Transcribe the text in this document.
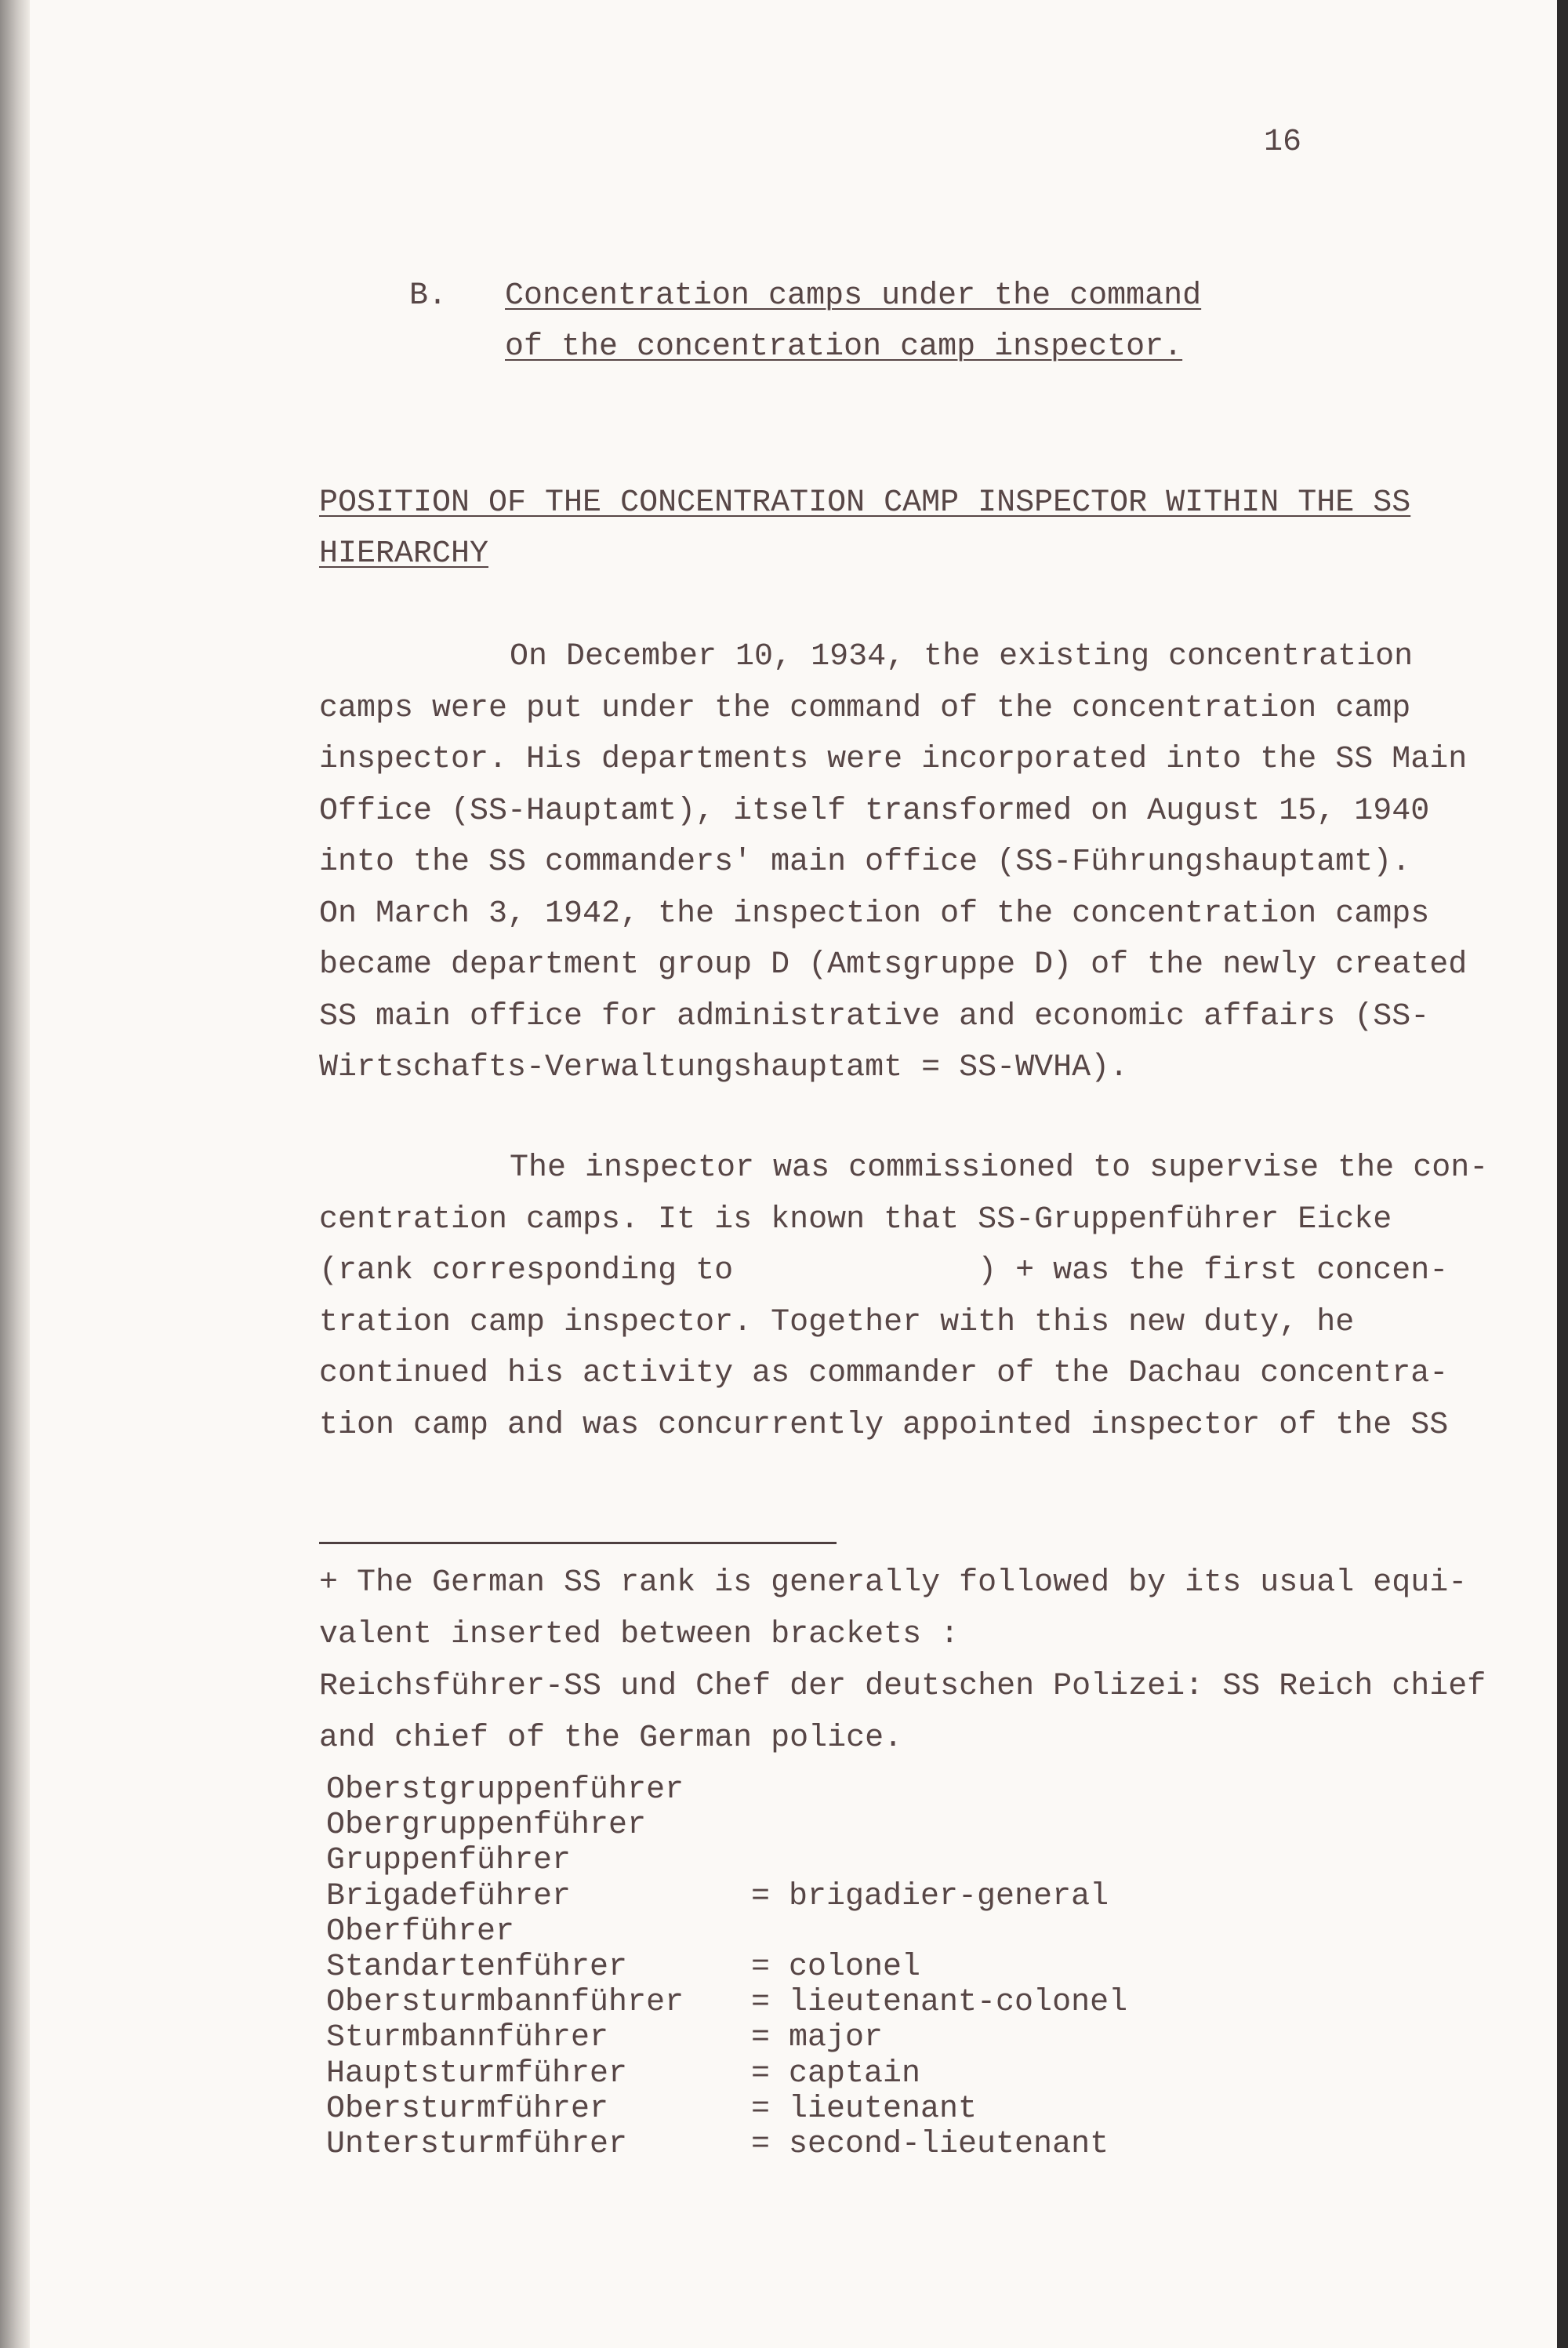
16
B. Concentration camps under the command
of the concentration camp inspector.
POSITION OF THE CONCENTRATION CAMP INSPECTOR WITHIN THE SS
HIERARCHY
On December 10, 1934, the existing concentration
camps were put under the command of the concentration camp
inspector. His departments were incorporated into the SS Main
Office (SS-Hauptamt), itself transformed on August 15, 1940
into the SS commanders' main office (SS-Führungshauptamt).
On March 3, 1942, the inspection of the concentration camps
became department group D (Amtsgruppe D) of the newly created
SS main office for administrative and economic affairs (SS-
Wirtschafts-Verwaltungshauptamt = SS-WVHA).
The inspector was commissioned to supervise the con-
centration camps. It is known that SS-Gruppenführer Eicke
(rank corresponding to             ) + was the first concen-
tration camp inspector. Together with this new duty, he
continued his activity as commander of the Dachau concentra-
tion camp and was concurrently appointed inspector of the SS
+ The German SS rank is generally followed by its usual equi-
valent inserted between brackets :
Reichsführer-SS und Chef der deutschen Polizei: SS Reich chief
and chief of the German police.
Oberstgruppenführer
Obergruppenführer
Gruppenführer
Brigadeführer	= brigadier-general
Oberführer
Standartenführer	= colonel
Obersturmbannführer = lieutenant-colonel
Sturmbannführer	= major
Hauptsturmführer	= captain
Obersturmführer	= lieutenant
Untersturmführer	= second-lieutenant
